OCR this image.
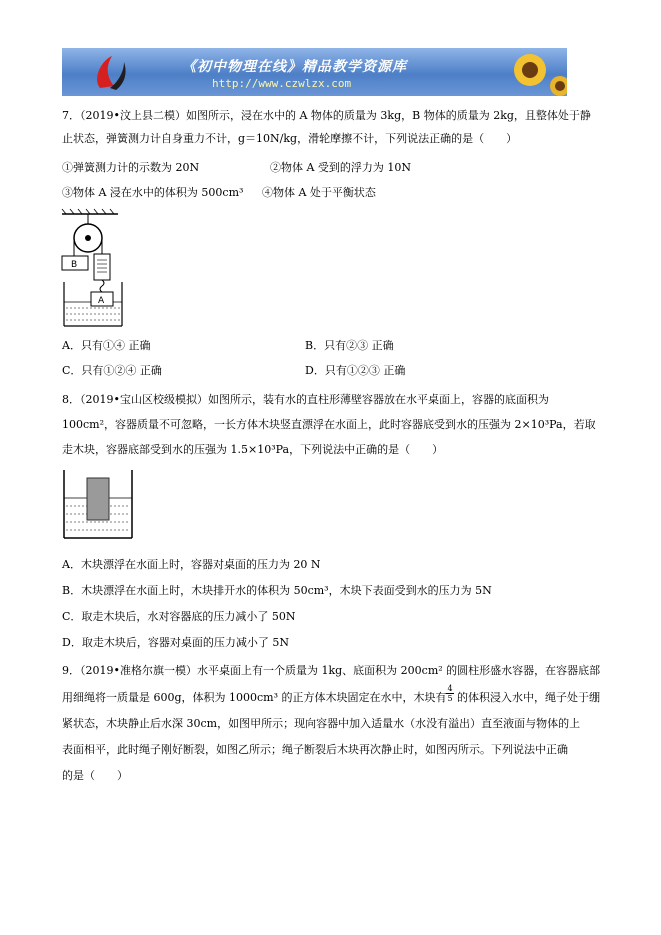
《初中物理在线》精品教学资源库
http://www.czwlzx.com
7．（2019•汶上县二模）如图所示，浸在水中的 A 物体的质量为 3kg，B 物体的质量为 2kg，且整体处于静
止状态，弹簧测力计自身重力不计，g＝10N/kg，滑轮摩擦不计，下列说法正确的是（　　）
①弹簧测力计的示数为 20N	②物体 A 受到的浮力为 10N
③物体 A 浸在水中的体积为 500cm³ ④物体 A 处于平衡状态
B
A
A．只有①④ 正确	B．只有②③ 正确
C．只有①②④ 正确	D．只有①②③ 正确
8．（2019•宝山区校级模拟）如图所示，装有水的直柱形薄壁容器放在水平桌面上，容器的底面积为
100cm²，容器质量不可忽略，一长方体木块竖直漂浮在水面上，此时容器底受到水的压强为 2×10³Pa，若取
走木块，容器底部受到水的压强为 1.5×10³Pa，下列说法中正确的是（　　）
A．木块漂浮在水面上时，容器对桌面的压力为 20 N
B．木块漂浮在水面上时，木块排开水的体积为 50cm³，木块下表面受到水的压力为 5N
C．取走木块后，水对容器底的压力减小了 50N
D．取走木块后，容器对桌面的压力减小了 5N
9．（2019•准格尔旗一模）水平桌面上有一个质量为 1kg、底面积为 200cm² 的圆柱形盛水容器，在容器底部
用细绳将一质量是 600g，体积为 1000cm³ 的正方体木块固定在水中，木块有 $\frac{4}{5}$ 的体积浸入水中，绳子处于绷
紧状态，木块静止后水深 30cm，如图甲所示；现向容器中加入适量水（水没有溢出）直至液面与物体的上
表面相平，此时绳子刚好断裂，如图乙所示；绳子断裂后木块再次静止时，如图丙所示。下列说法中正确
的是（　　）
